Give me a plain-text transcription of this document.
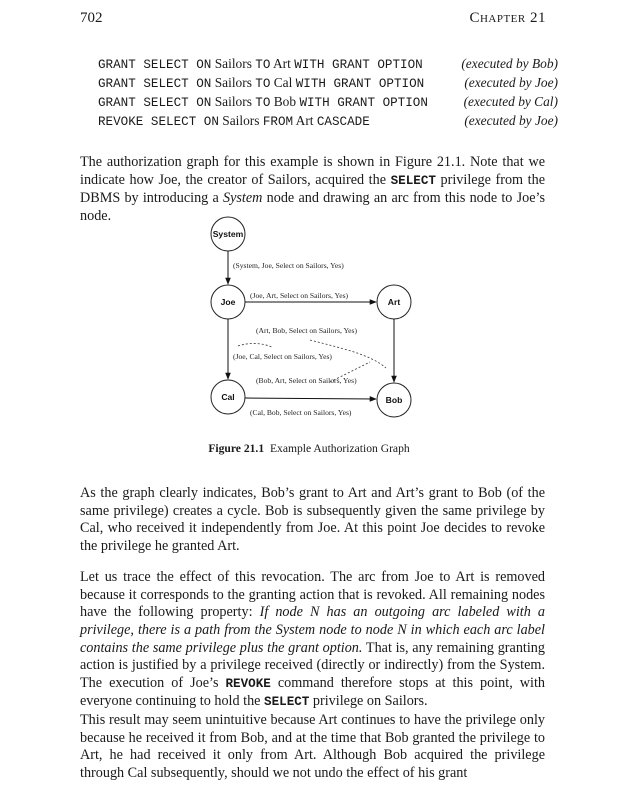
702	Chapter 21
GRANT SELECT ON Sailors TO Art WITH GRANT OPTION	(executed by Bob)
GRANT SELECT ON Sailors TO Cal WITH GRANT OPTION	(executed by Joe)
GRANT SELECT ON Sailors TO Bob WITH GRANT OPTION	(executed by Cal)
REVOKE SELECT ON Sailors FROM Art CASCADE	(executed by Joe)

The authorization graph for this example is shown in Figure 21.1. Note that we indicate how Joe, the creator of Sailors, acquired the SELECT privilege from the DBMS by introducing a System node and drawing an arc from this node to Joe’s node.

System
Joe	Art
Cal	Bob
(System, Joe, Select on Sailors, Yes)
(Joe, Art, Select on Sailors, Yes)
(Art, Bob, Select on Sailors, Yes)
(Joe, Cal, Select on Sailors, Yes)
(Bob, Art, Select on Sailors, Yes)
(Cal, Bob, Select on Sailors, Yes)
Figure 21.1 Example Authorization Graph

As the graph clearly indicates, Bob’s grant to Art and Art’s grant to Bob (of the same privilege) creates a cycle. Bob is subsequently given the same privilege by Cal, who received it independently from Joe. At this point Joe decides to revoke the privilege he granted Art.

Let us trace the effect of this revocation. The arc from Joe to Art is removed because it corresponds to the granting action that is revoked. All remaining nodes have the following property: If node N has an outgoing arc labeled with a privilege, there is a path from the System node to node N in which each arc label contains the same privilege plus the grant option. That is, any remaining granting action is justified by a privilege received (directly or indirectly) from the System. The execution of Joe’s REVOKE command therefore stops at this point, with everyone continuing to hold the SELECT privilege on Sailors.

This result may seem unintuitive because Art continues to have the privilege only because he received it from Bob, and at the time that Bob granted the privilege to Art, he had received it only from Art. Although Bob acquired the privilege through Cal subsequently, should we not undo the effect of his grant
